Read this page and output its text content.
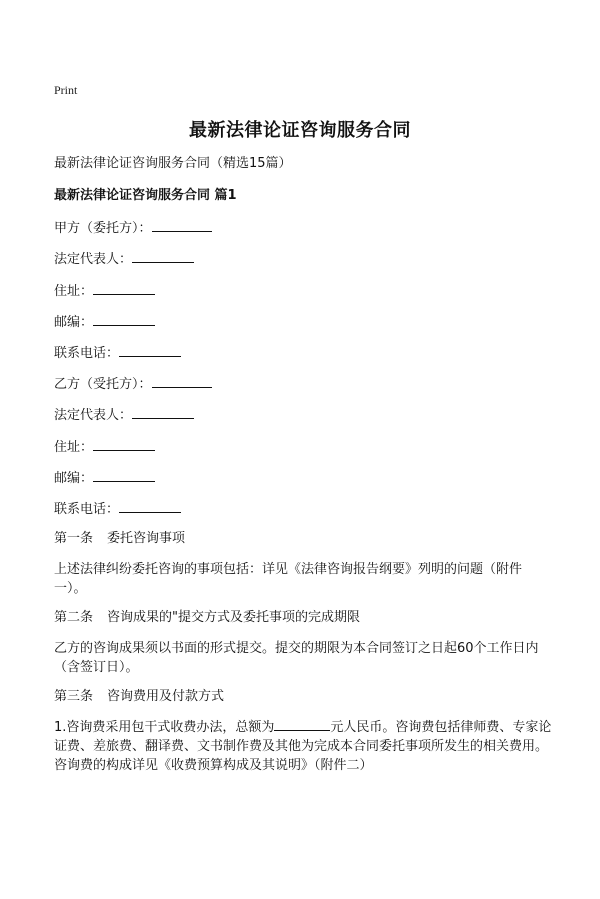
Print
最新法律论证咨询服务合同

最新法律论证咨询服务合同（精选15篇）

最新法律论证咨询服务合同 篇1

甲方（委托方）：

法定代表人：

住址：

邮编：

联系电话：

乙方（受托方）：

法定代表人：

住址：

邮编：

联系电话：

第一条 委托咨询事项

上述法律纠纷委托咨询的事项包括：详见《法律咨询报告纲要》列明的问题（附件一）。

第二条 咨询成果的"提交方式及委托事项的完成期限

乙方的咨询成果须以书面的形式提交。提交的期限为本合同签订之日起60个工作日内（含签订日）。

第三条 咨询费用及付款方式

1.咨询费采用包干式收费办法，总额为	元人民币。咨询费包括律师费、专家论证费、差旅费、翻译费、文书制作费及其他为完成本合同委托事项所发生的相关费用。咨询费的构成详见《收费预算构成及其说明》（附件二）
